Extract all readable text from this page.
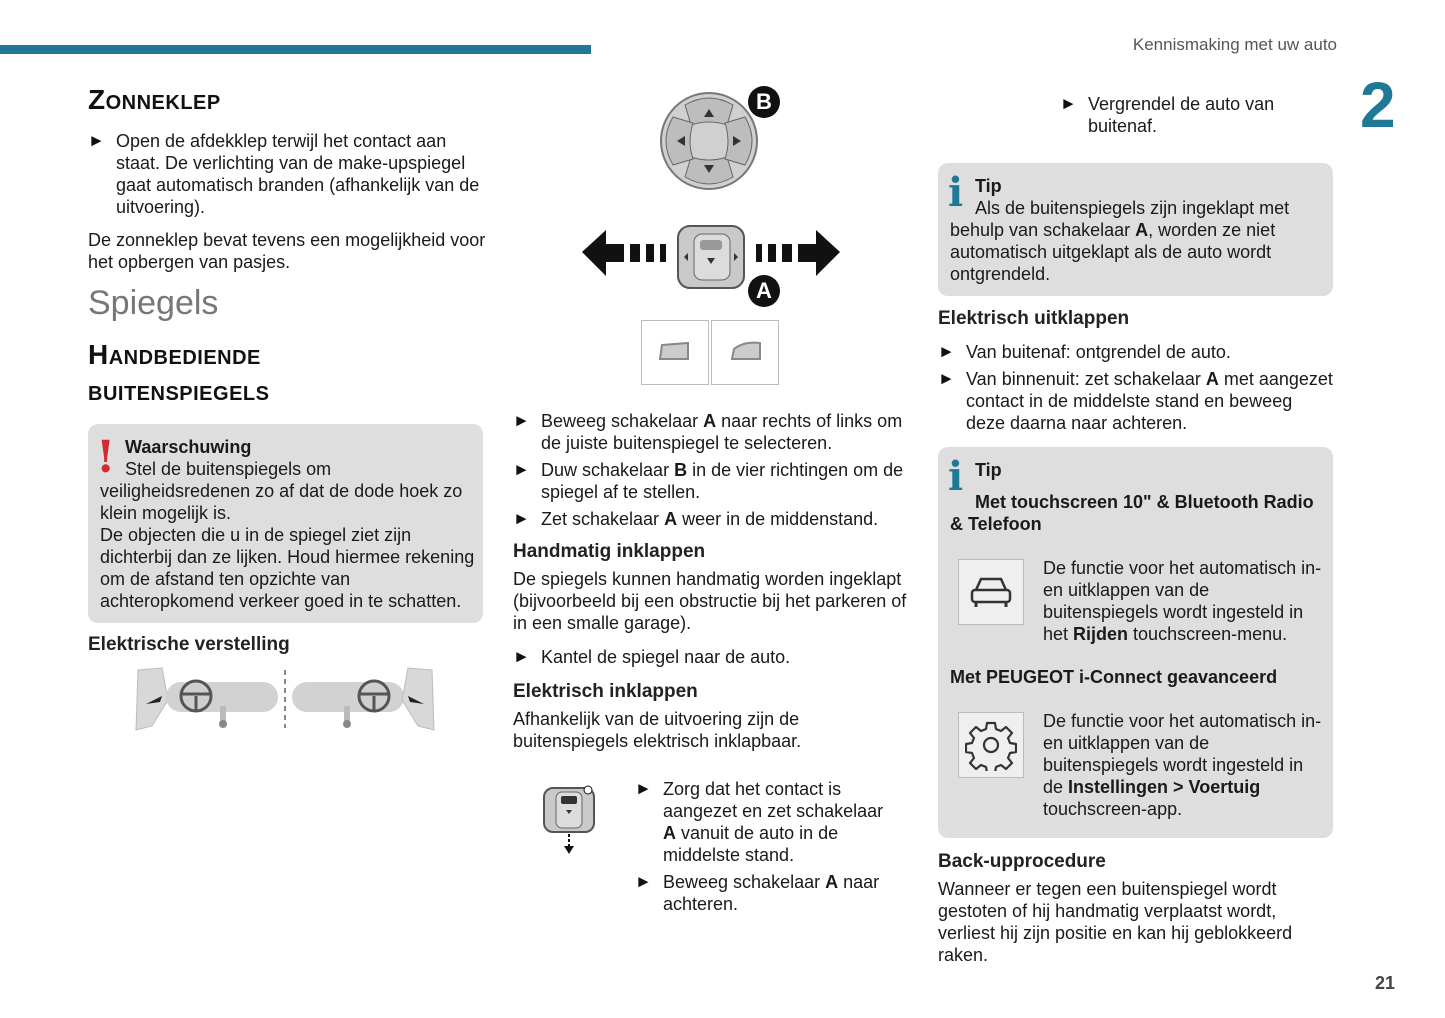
Kennismaking met uw auto
2
21
Zonneklep
► Open de afdekklep terwijl het contact aan staat. De verlichting van de make-upspiegel gaat automatisch branden (afhankelijk van de uitvoering).

De zonneklep bevat tevens een mogelijkheid voor het opbergen van pasjes.

Spiegels
Handbediende buitenspiegels
! Waarschuwing
Stel de buitenspiegels om veiligheidsredenen zo af dat de dode hoek zo klein mogelijk is.
De objecten die u in de spiegel ziet zijn dichterbij dan ze lijken. Houd hiermee rekening om de afstand ten opzichte van achteropkomend verkeer goed in te schatten.
Elektrische verstelling
B
A
► Beweeg schakelaar A naar rechts of links om de juiste buitenspiegel te selecteren.
► Duw schakelaar B in de vier richtingen om de spiegel af te stellen.
► Zet schakelaar A weer in de middenstand.
Handmatig inklappen

De spiegels kunnen handmatig worden ingeklapt (bijvoorbeeld bij een obstructie bij het parkeren of in een smalle garage).

► Kantel de spiegel naar de auto.
Elektrisch inklappen

Afhankelijk van de uitvoering zijn de buitenspiegels elektrisch inklapbaar.

► Zorg dat het contact is aangezet en zet schakelaar A vanuit de auto in de middelste stand.
► Beweeg schakelaar A naar achteren.
► Vergrendel de auto van buitenaf.
i Tip
Als de buitenspiegels zijn ingeklapt met behulp van schakelaar A, worden ze niet automatisch uitgeklapt als de auto wordt ontgrendeld.
Elektrisch uitklappen
► Van buitenaf: ontgrendel de auto.
► Van binnenuit: zet schakelaar A met aangezet contact in de middelste stand en beweeg deze daarna naar achteren.
i Tip
Met touchscreen 10" & Bluetooth Radio & Telefoon
De functie voor het automatisch in- en uitklappen van de buitenspiegels wordt ingesteld in het Rijden touchscreen-menu.
Met PEUGEOT i-Connect geavanceerd
De functie voor het automatisch in- en uitklappen van de buitenspiegels wordt ingesteld in de Instellingen > Voertuig touchscreen-app.
Back-upprocedure

Wanneer er tegen een buitenspiegel wordt gestoten of hij handmatig verplaatst wordt, verliest hij zijn positie en kan hij geblokkeerd raken.
